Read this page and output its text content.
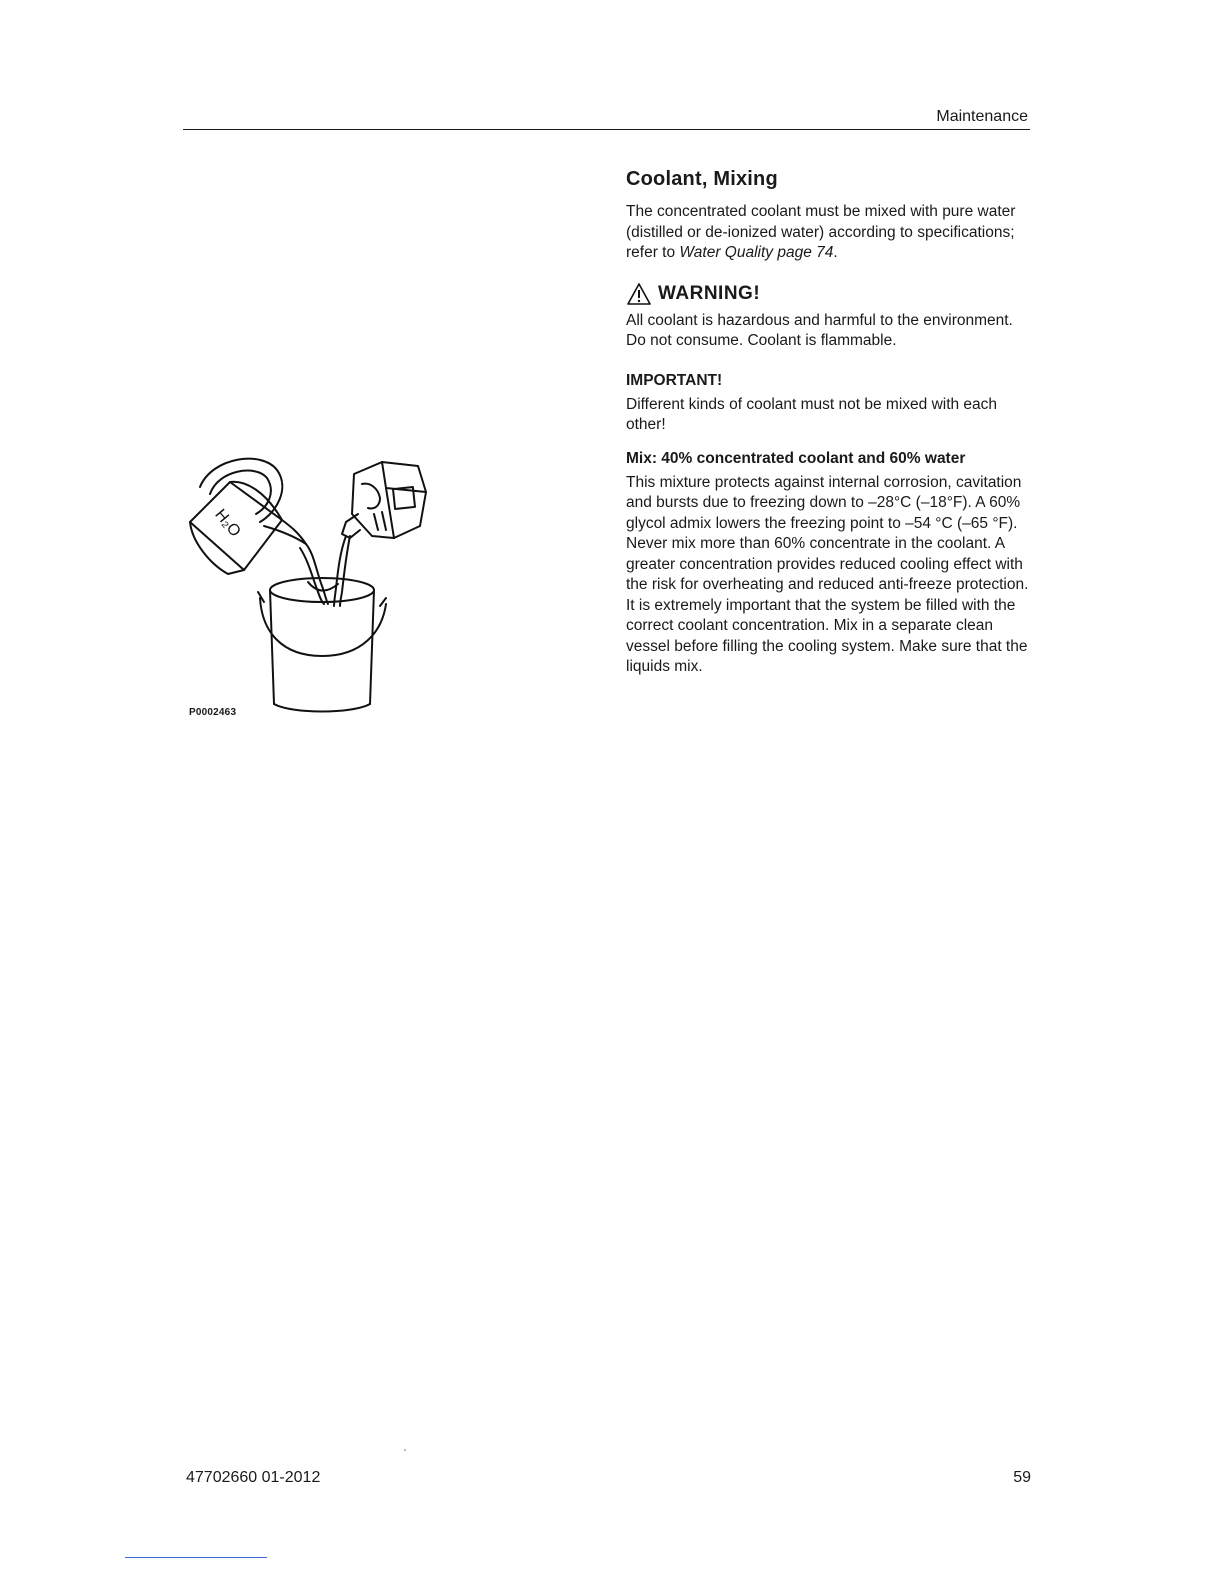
Maintenance
H₂O
P0002463
Coolant, Mixing

The concentrated coolant must be mixed with pure water (distilled or de-ionized water) according to specifications; refer to Water Quality page 74.

WARNING!

All coolant is hazardous and harmful to the environment. Do not consume. Coolant is flammable.

IMPORTANT!

Different kinds of coolant must not be mixed with each other!

Mix: 40% concentrated coolant and 60% water

This mixture protects against internal corrosion, cavitation and bursts due to freezing down to –28°C (–18°F). A 60% glycol admix lowers the freezing point to –54 °C (–65 °F).

Never mix more than 60% concentrate in the coolant. A greater concentration provides reduced cooling effect with the risk for overheating and reduced anti-freeze protection.

It is extremely important that the system be filled with the correct coolant concentration. Mix in a separate clean vessel before filling the cooling system. Make sure that the liquids mix.

47702660 01-2012	59
